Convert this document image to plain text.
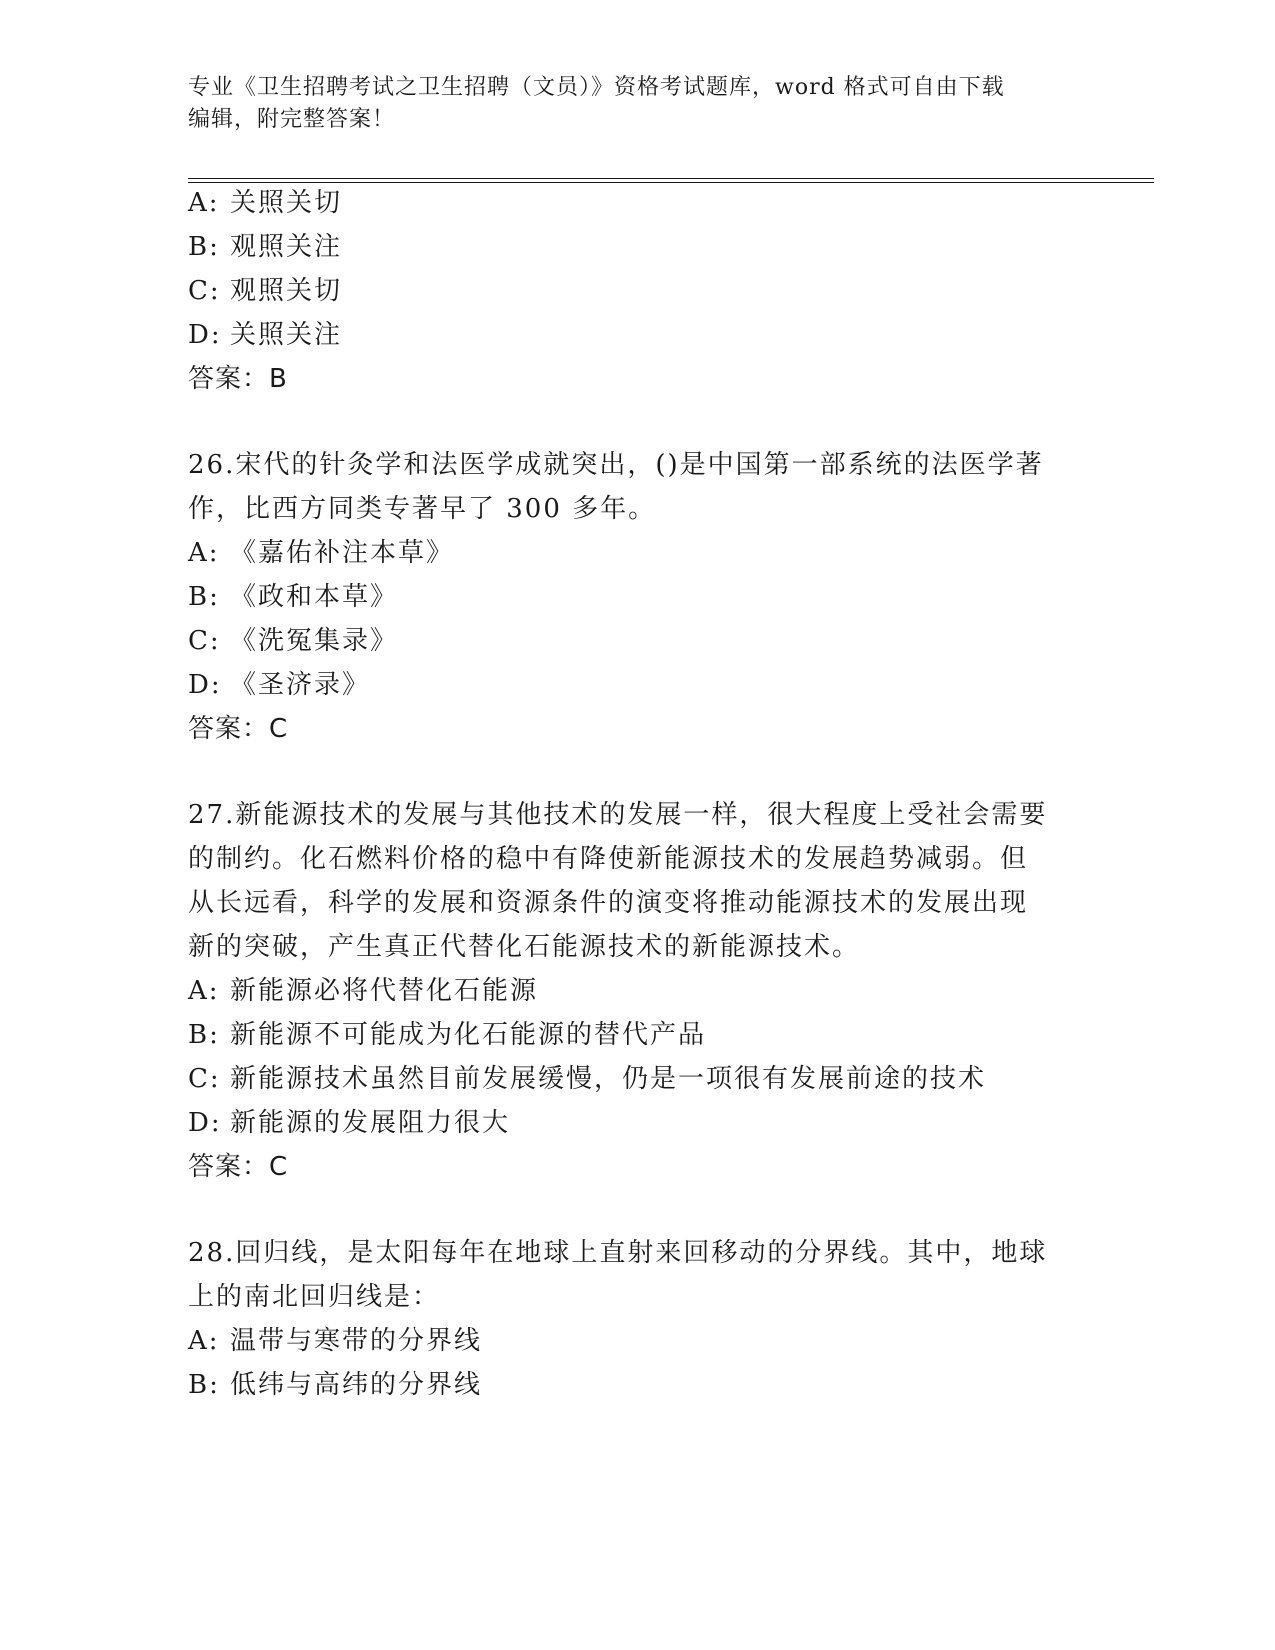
专业《卫生招聘考试之卫生招聘（文员）》资格考试题库，word 格式可自由下载
编辑，附完整答案！
A: 关照关切
B: 观照关注
C: 观照关切
D: 关照关注
答案：B
26.宋代的针灸学和法医学成就突出，()是中国第一部系统的法医学著
作，比西方同类专著早了 300 多年。
A: 《嘉佑补注本草》
B: 《政和本草》
C: 《洗冤集录》
D: 《圣济录》
答案：C
27.新能源技术的发展与其他技术的发展一样，很大程度上受社会需要
的制约。化石燃料价格的稳中有降使新能源技术的发展趋势减弱。但
从长远看，科学的发展和资源条件的演变将推动能源技术的发展出现
新的突破，产生真正代替化石能源技术的新能源技术。
A: 新能源必将代替化石能源
B: 新能源不可能成为化石能源的替代产品
C: 新能源技术虽然目前发展缓慢，仍是一项很有发展前途的技术
D: 新能源的发展阻力很大
答案：C
28.回归线，是太阳每年在地球上直射来回移动的分界线。其中，地球
上的南北回归线是：
A: 温带与寒带的分界线
B: 低纬与高纬的分界线
